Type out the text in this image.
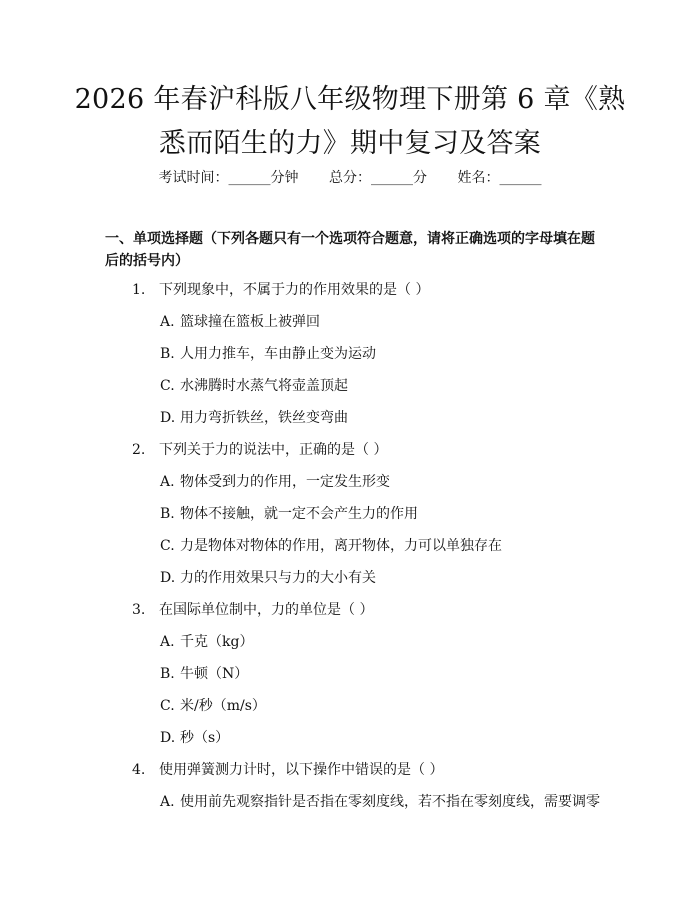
2026 年春沪科版八年级物理下册第 6 章《熟
悉而陌生的力》期中复习及答案
考试时间：______分钟 总分：______分 姓名：______
一、单项选择题（下列各题只有一个选项符合题意，请将正确选项的字母填在题
后的括号内）
1. 下列现象中，不属于力的作用效果的是（ ）
A. 篮球撞在篮板上被弹回
B. 人用力推车，车由静止变为运动
C. 水沸腾时水蒸气将壶盖顶起
D. 用力弯折铁丝，铁丝变弯曲
2. 下列关于力的说法中，正确的是（ ）
A. 物体受到力的作用，一定发生形变
B. 物体不接触，就一定不会产生力的作用
C. 力是物体对物体的作用，离开物体，力可以单独存在
D. 力的作用效果只与力的大小有关
3. 在国际单位制中，力的单位是（ ）
A. 千克（kg）
B. 牛顿（N）
C. 米/秒（m/s）
D. 秒（s）
4. 使用弹簧测力计时，以下操作中错误的是（ ）
A. 使用前先观察指针是否指在零刻度线，若不指在零刻度线，需要调零
